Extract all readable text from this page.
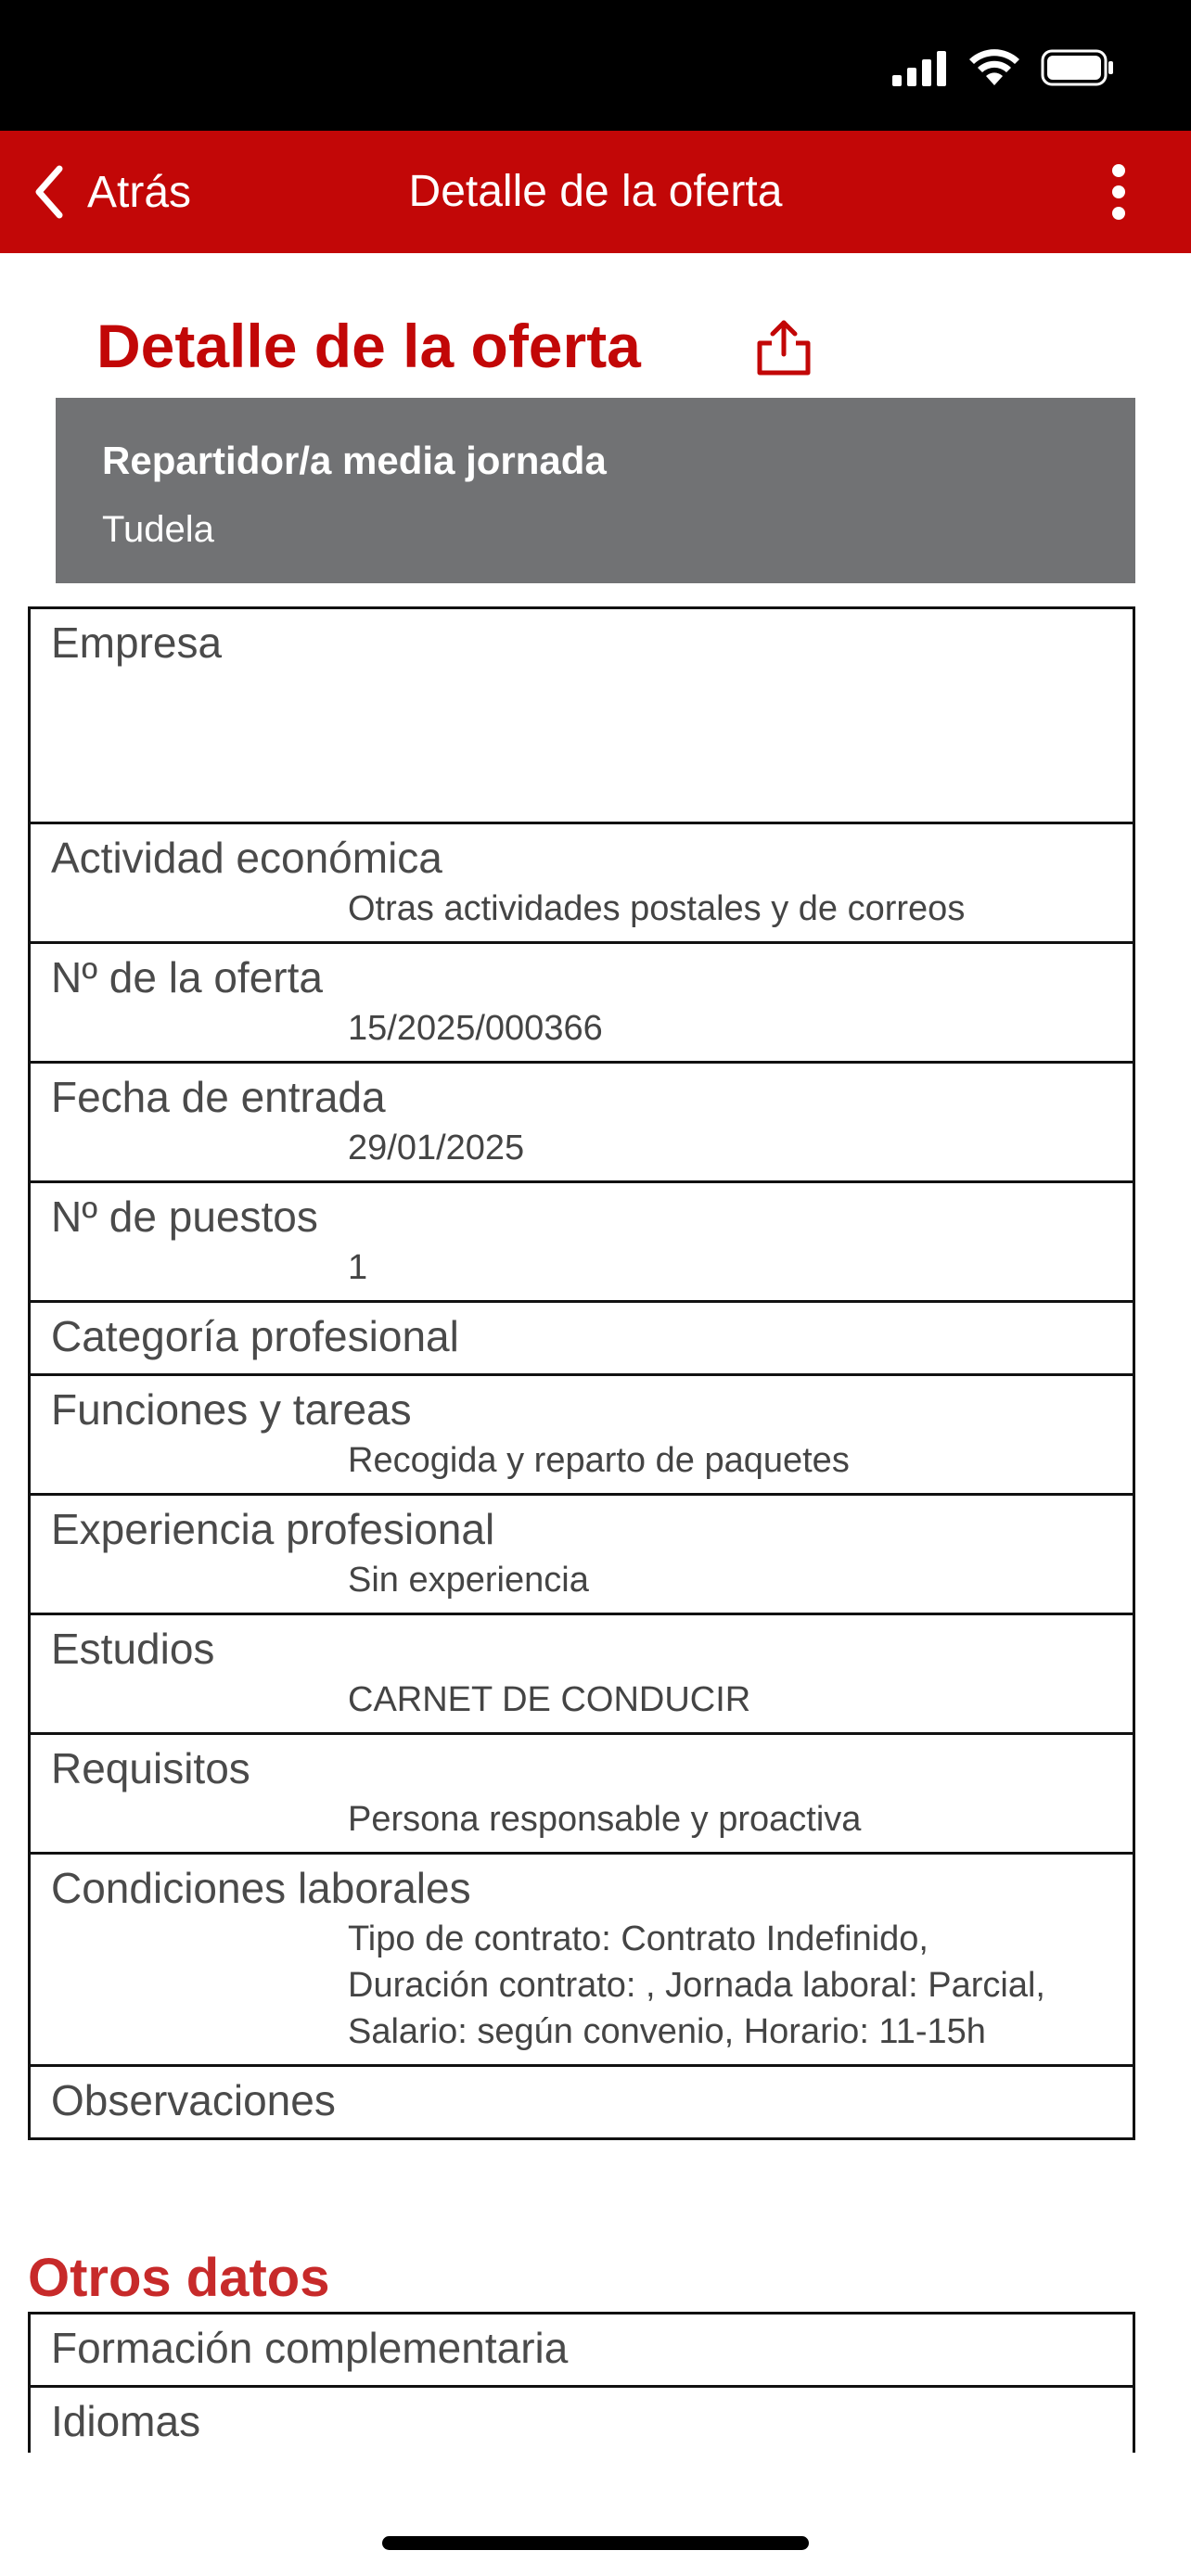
Atrás	Detalle de la oferta
Detalle de la oferta
Repartidor/a media jornada
Tudela
Empresa
Actividad económica
Otras actividades postales y de correos
Nº de la oferta
15/2025/000366
Fecha de entrada
29/01/2025
Nº de puestos
1
Categoría profesional
Funciones y tareas
Recogida y reparto de paquetes
Experiencia profesional
Sin experiencia
Estudios
CARNET DE CONDUCIR
Requisitos
Persona responsable y proactiva
Condiciones laborales
Tipo de contrato: Contrato Indefinido, Duración contrato: , Jornada laboral: Parcial, Salario: según convenio, Horario: 11-15h
Observaciones
Otros datos
Formación complementaria
Idiomas
